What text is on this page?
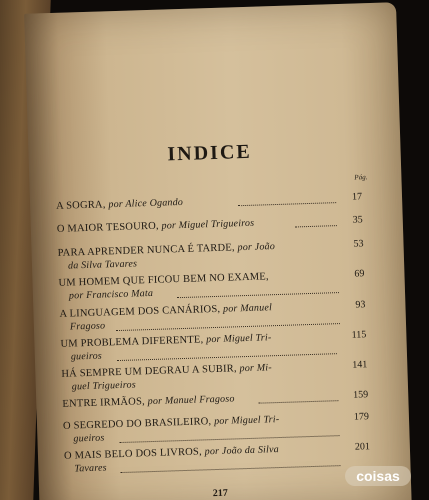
INDICE
Pág.
A SOGRA, por Alice Ogando	17
O MAIOR TESOURO, por Miguel Trigueiros	35
PARA APRENDER NUNCA É TARDE, por João
da Silva Tavares
53
UM HOMEM QUE FICOU BEM NO EXAME,
por Francisco Mata
69
A LINGUAGEM DOS CANÁRIOS, por Manuel
Fragoso
93
UM PROBLEMA DIFERENTE, por Miguel Tri-
gueiros
115
HÁ SEMPRE UM DEGRAU A SUBIR, por Mi-
guel Trigueiros
141
ENTRE IRMÃOS, por Manuel Fragoso	159
O SEGREDO DO BRASILEIRO, por Miguel Tri-
gueiros
179
O MAIS BELO DOS LIVROS, por João da Silva
Tavares
201
217
coisas
